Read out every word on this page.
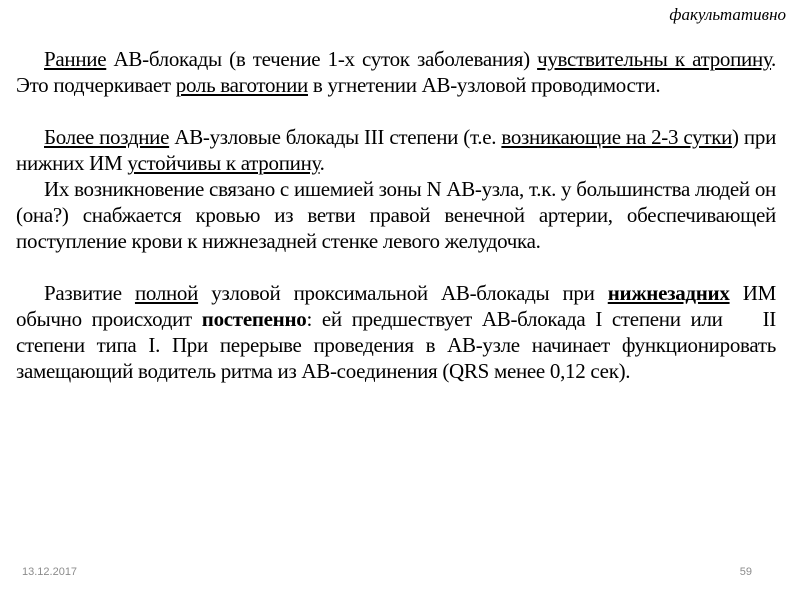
факультативно

Ранние АВ-блокады (в течение 1-х суток заболевания) чувствительны к атропину. Это подчеркивает роль ваготонии в угнетении АВ-узловой проводимости.

Более поздние АВ-узловые блокады III степени (т.е. возникающие на 2-3 сутки) при нижних ИМ устойчивы к атропину.

Их возникновение связано с ишемией зоны N АВ-узла, т.к. у большинства людей он (она?) снабжается кровью из ветви правой венечной артерии, обеспечивающей поступление крови к нижнезадней стенке левого желудочка.

Развитие полной узловой проксимальной АВ-блокады при нижнезадних ИМ обычно происходит постепенно: ей предшествует АВ-блокада I степени или II степени типа I. При перерыве проведения в АВ-узле начинает функционировать замещающий водитель ритма из АВ-соединения (QRS менее 0,12 сек).

13.12.2017	59
